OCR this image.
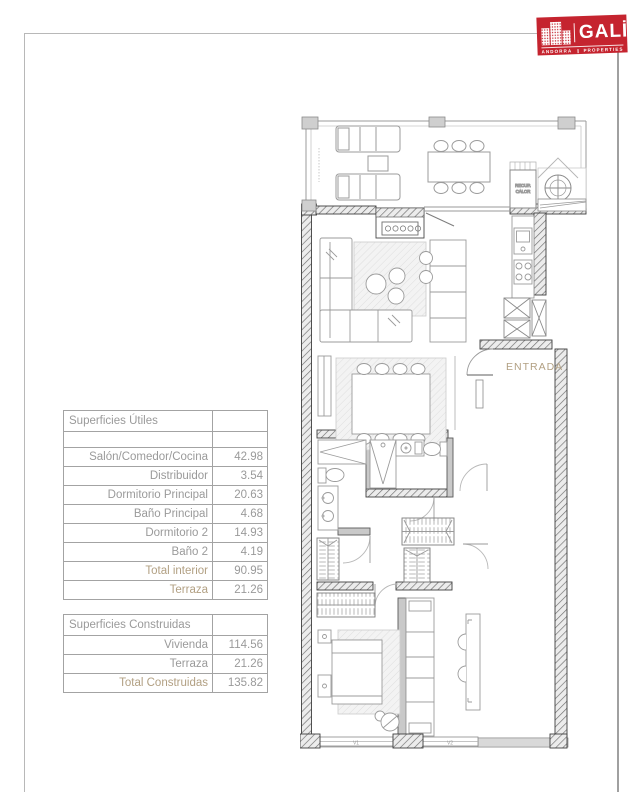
GALİ
ANDORRA PROPERTIES
Superficies Útiles	

Salón/Comedor/Cocina	42.98
Distribuidor	3.54
Dormitorio Principal	20.63
Baño Principal	4.68
Dormitorio 2	14.93
Baño 2	4.19
Total interior	90.95
Terraza	21.26
Superficies Construidas	
Vivienda	114.56
Terraza	21.26
Total Construidas	135.82
RECUP.
CALOR
ENTRADA
V1	V2
